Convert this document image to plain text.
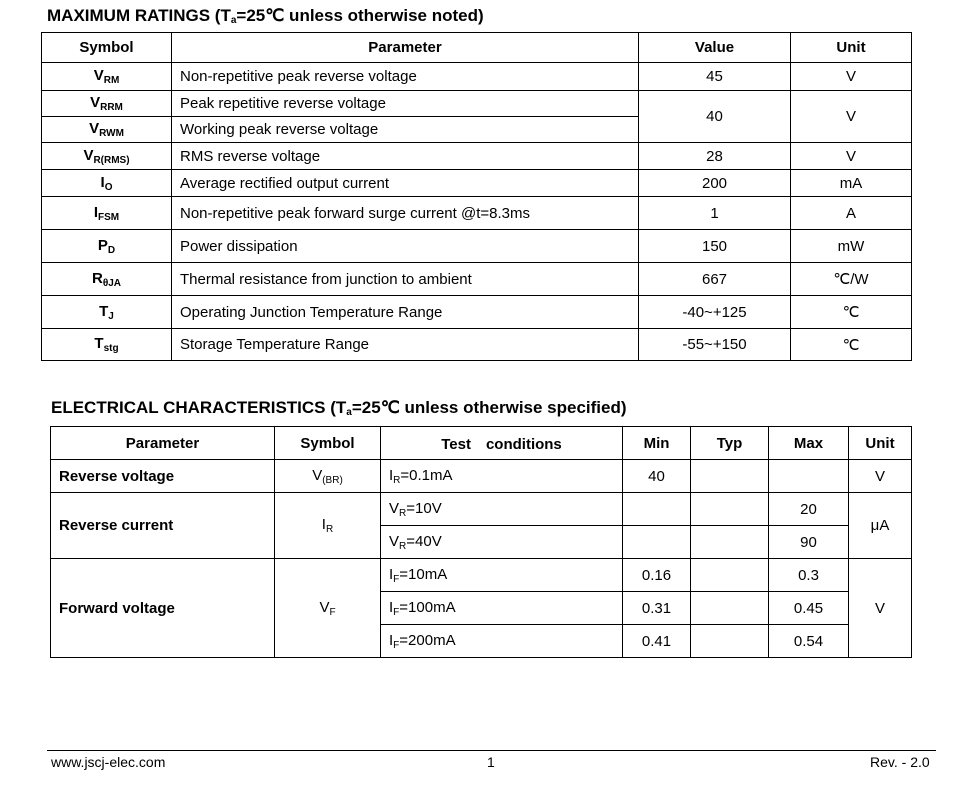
MAXIMUM RATINGS ($T_a=25℃$ unless otherwise noted)
Symbol	Parameter	Value	Unit
$V_{RM}$	Non-repetitive peak reverse voltage	45	V
$V_{RRM}$	Peak repetitive reverse voltage	40	V
$V_{RWM}$	Working peak reverse voltage		
$V_{R(RMS)}$	RMS reverse voltage	28	V
$I_O$	Average rectified output current	200	mA
$I_{FSM}$	Non-repetitive peak forward surge current @t=8.3ms	1	A
$P_D$	Power dissipation	150	mW
$R_{\theta JA}$	Thermal resistance from junction to ambient	667	℃/W
$T_J$	Operating Junction Temperature Range	-40~+125	℃
$T_{stg}$	Storage Temperature Range	-55~+150	℃
ELECTRICAL CHARACTERISTICS ($T_a=25℃$ unless otherwise specified)
Parameter	Symbol	Test　conditions	Min	Typ	Max	Unit
Reverse voltage	$V_{(BR)}$	$I_R=0.1mA$	40			V
Reverse current	$I_R$	$V_R=10V$			20	μA
		$V_R=40V$			90	
Forward voltage	$V_F$	$I_F=10mA$	0.16		0.3	V
		$I_F=100mA$	0.31		0.45	
		$I_F=200mA$	0.41		0.54	
www.jscj-elec.com	1	Rev. - 2.0
